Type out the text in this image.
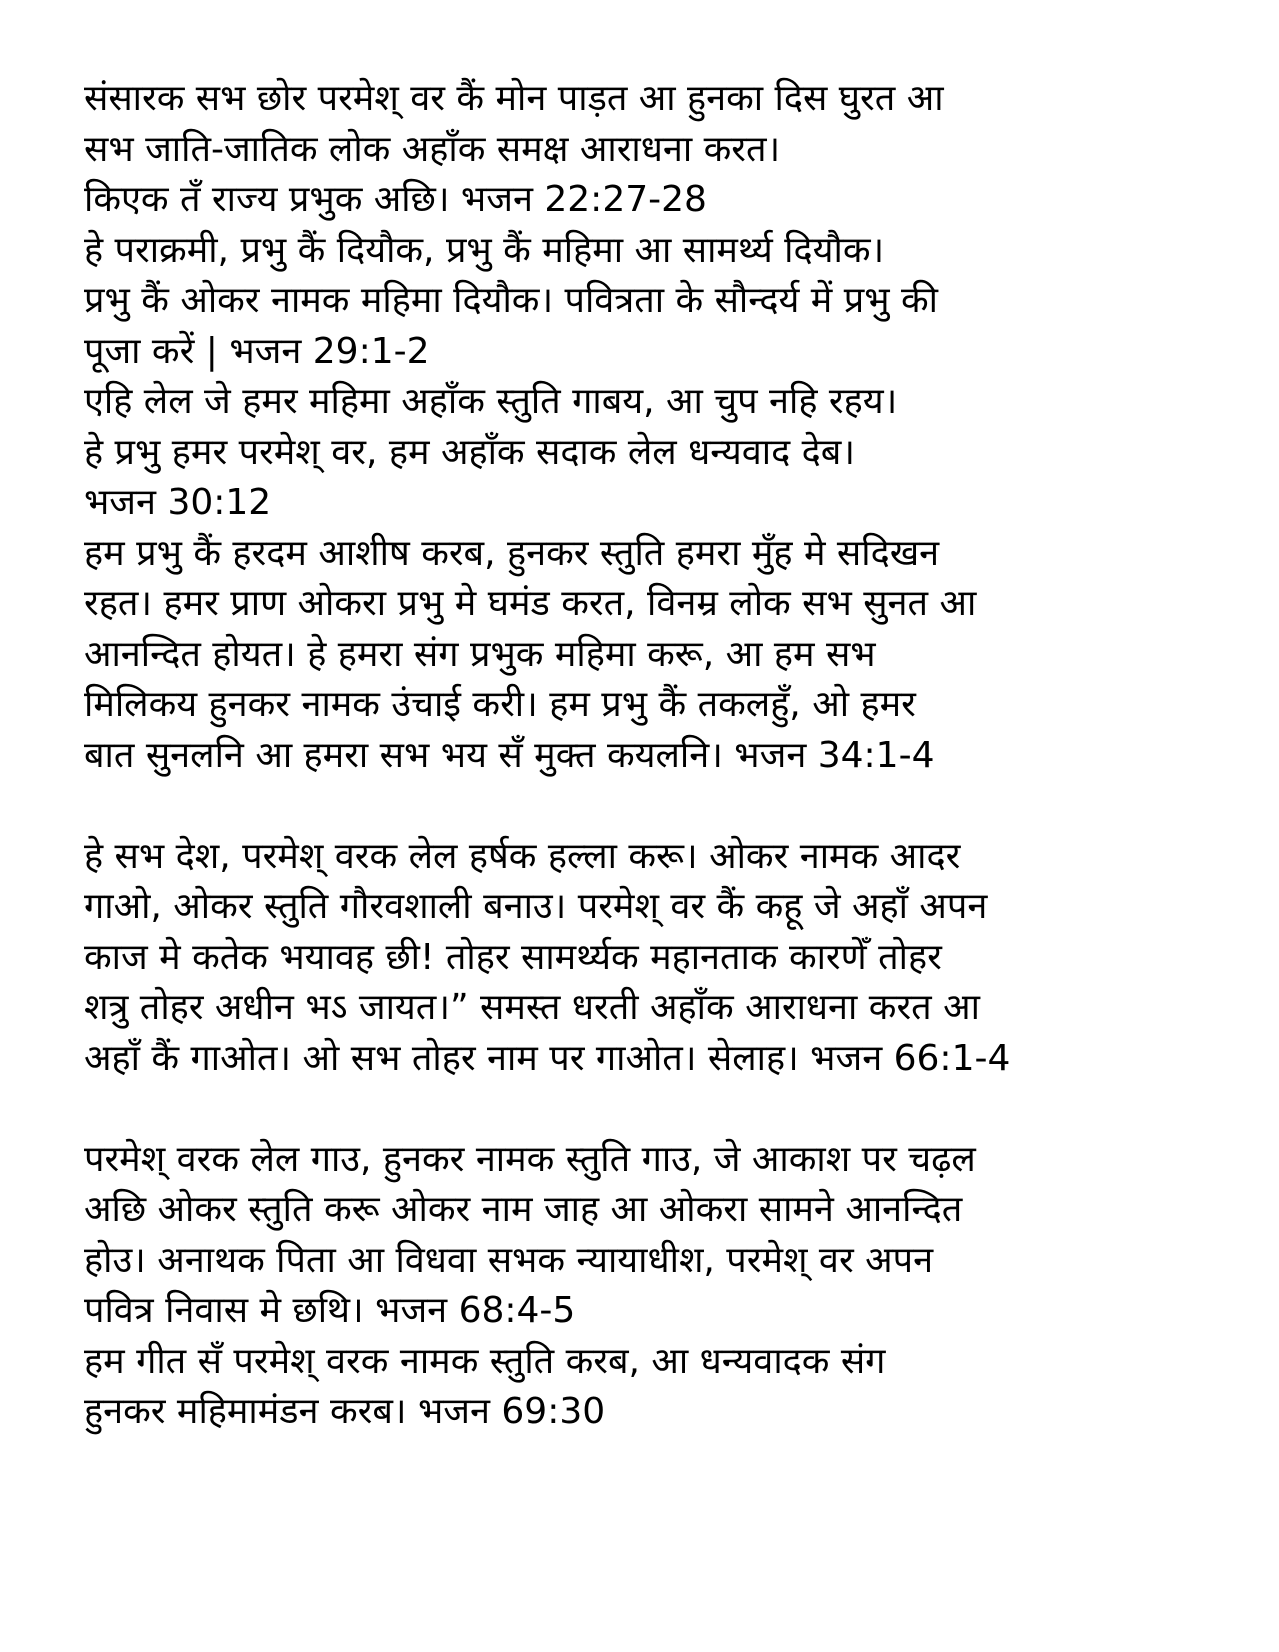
संसारक सभ छोर परमेश् वर कैं मोन पाड़त आ हुनका दिस घुरत आ
सभ जाति-जातिक लोक अहाँक समक्ष आराधना करत।
किएक तँ राज्य प्रभुक अछि। भजन 22:27-28
हे पराक्रमी, प्रभु कैं दियौक, प्रभु कैं महिमा आ सामर्थ्य दियौक।
प्रभु कैं ओकर नामक महिमा दियौक। पवित्रता के सौन्दर्य में प्रभु की
पूजा करें | भजन 29:1-2
एहि लेल जे हमर महिमा अहाँक स्तुति गाबय, आ चुप नहि रहय।
हे प्रभु हमर परमेश् वर, हम अहाँक सदाक लेल धन्यवाद देब।
भजन 30:12
हम प्रभु कैं हरदम आशीष करब, हुनकर स्तुति हमरा मुँह मे सदिखन
रहत। हमर प्राण ओकरा प्रभु मे घमंड करत, विनम्र लोक सभ सुनत आ
आनन्दित होयत। हे हमरा संग प्रभुक महिमा करू, आ हम सभ
मिलिकय हुनकर नामक उंचाई करी। हम प्रभु कैं तकलहुँ, ओ हमर
बात सुनलनि आ हमरा सभ भय सँ मुक्त कयलनि। भजन 34:1-4
हे सभ देश, परमेश् वरक लेल हर्षक हल्ला करू। ओकर नामक आदर
गाओ, ओकर स्तुति गौरवशाली बनाउ। परमेश् वर कैं कहू जे अहाँ अपन
काज मे कतेक भयावह छी! तोहर सामर्थ्यक महानताक कारणेँ तोहर
शत्रु तोहर अधीन भऽ जायत।” समस्त धरती अहाँक आराधना करत आ
अहाँ कैं गाओत। ओ सभ तोहर नाम पर गाओत। सेलाह। भजन 66:1-4
परमेश् वरक लेल गाउ, हुनकर नामक स्तुति गाउ, जे आकाश पर चढ़ल
अछि ओकर स्तुति करू ओकर नाम जाह आ ओकरा सामने आनन्दित
होउ। अनाथक पिता आ विधवा सभक न्यायाधीश, परमेश् वर अपन
पवित्र निवास मे छथि। भजन 68:4-5
हम गीत सँ परमेश् वरक नामक स्तुति करब, आ धन्यवादक संग
हुनकर महिमामंडन करब। भजन 69:30
